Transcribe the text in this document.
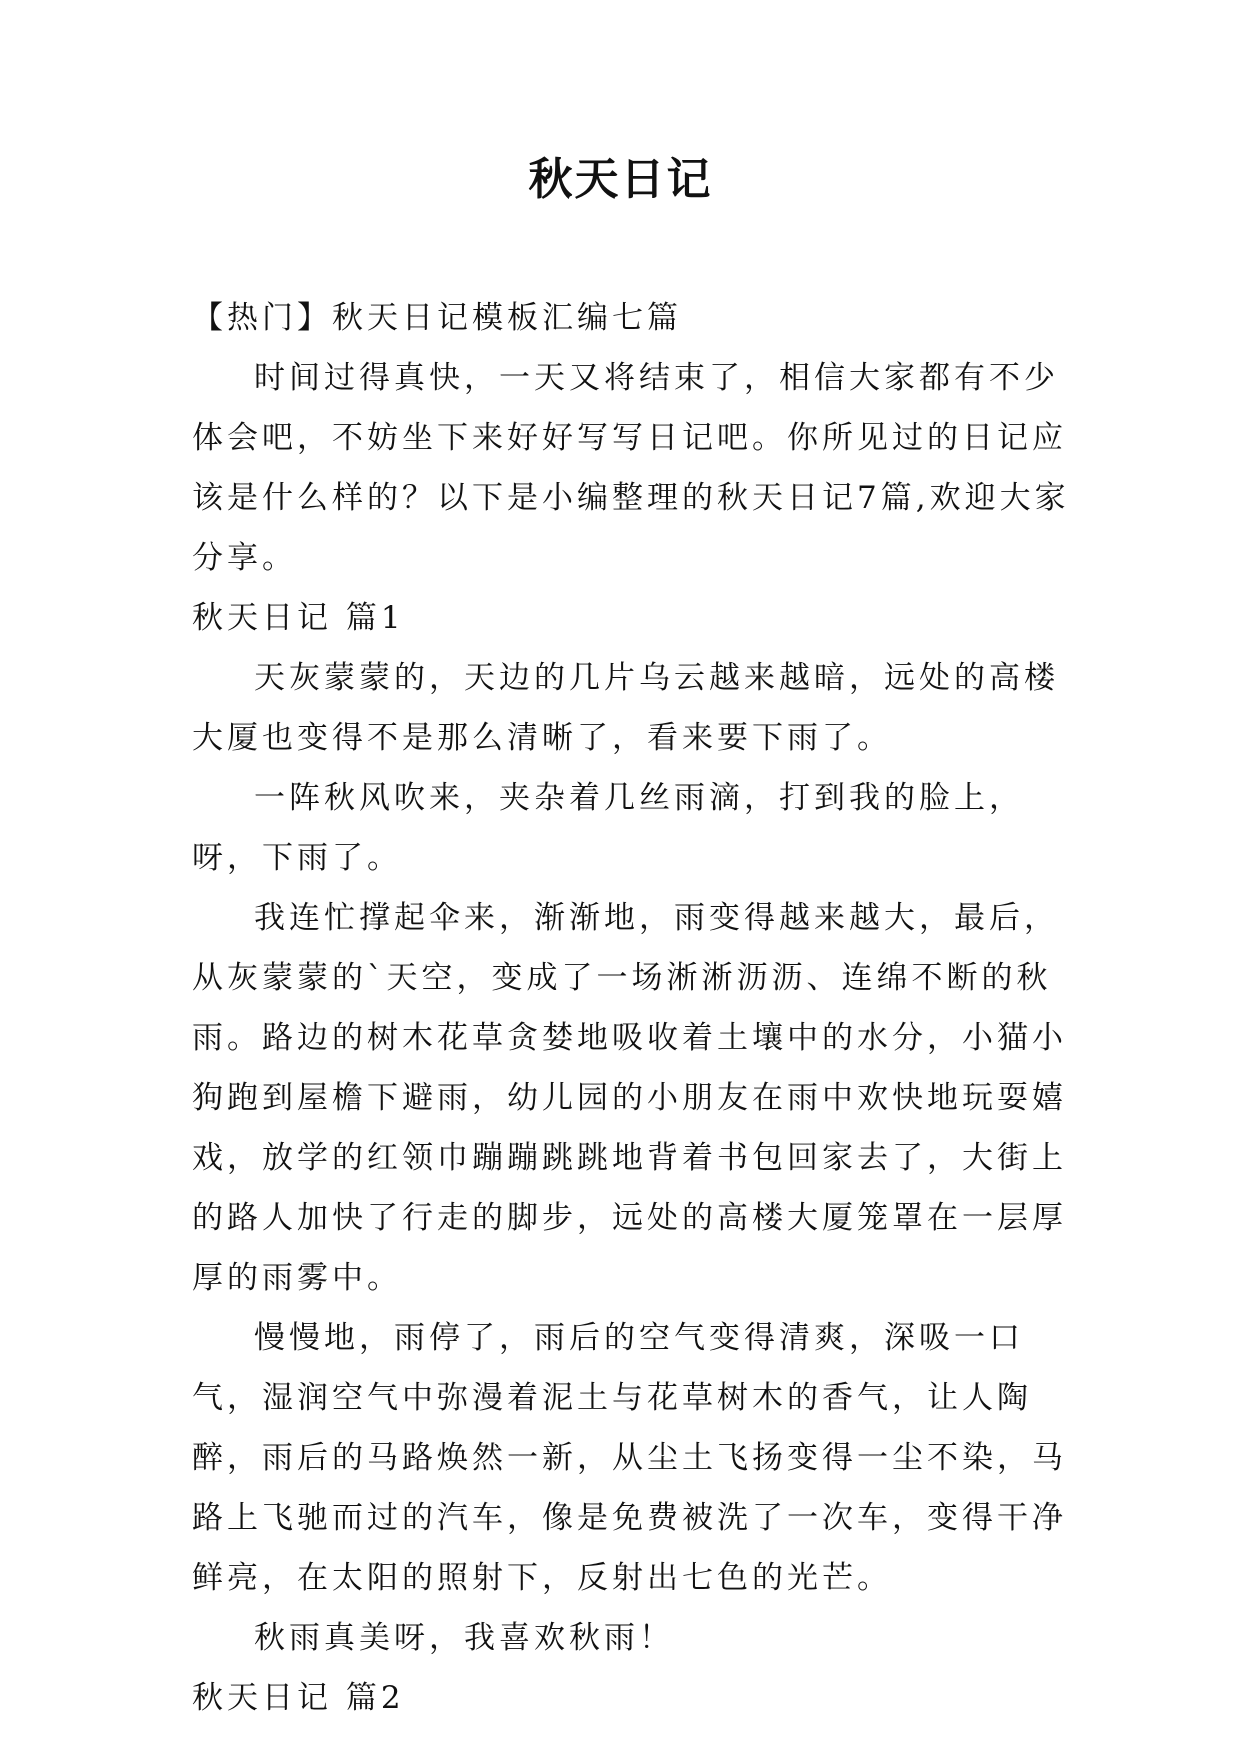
秋天日记

【热门】秋天日记模板汇编七篇

时间过得真快，一天又将结束了，相信大家都有不少体会吧，不妨坐下来好好写写日记吧。你所见过的日记应该是什么样的？以下是小编整理的秋天日记7篇,欢迎大家分享。

秋天日记 篇1

天灰蒙蒙的，天边的几片乌云越来越暗，远处的高楼大厦也变得不是那么清晰了，看来要下雨了。

一阵秋风吹来，夹杂着几丝雨滴，打到我的脸上，呀，下雨了。

我连忙撑起伞来，渐渐地，雨变得越来越大，最后，从灰蒙蒙的`天空，变成了一场淅淅沥沥、连绵不断的秋雨。路边的树木花草贪婪地吸收着土壤中的水分，小猫小狗跑到屋檐下避雨，幼儿园的小朋友在雨中欢快地玩耍嬉戏，放学的红领巾蹦蹦跳跳地背着书包回家去了，大街上的路人加快了行走的脚步，远处的高楼大厦笼罩在一层厚厚的雨雾中。

慢慢地，雨停了，雨后的空气变得清爽，深吸一口气，湿润空气中弥漫着泥土与花草树木的香气，让人陶醉，雨后的马路焕然一新，从尘土飞扬变得一尘不染，马路上飞驰而过的汽车，像是免费被洗了一次车，变得干净鲜亮，在太阳的照射下，反射出七色的光芒。

秋雨真美呀，我喜欢秋雨！

秋天日记 篇2
